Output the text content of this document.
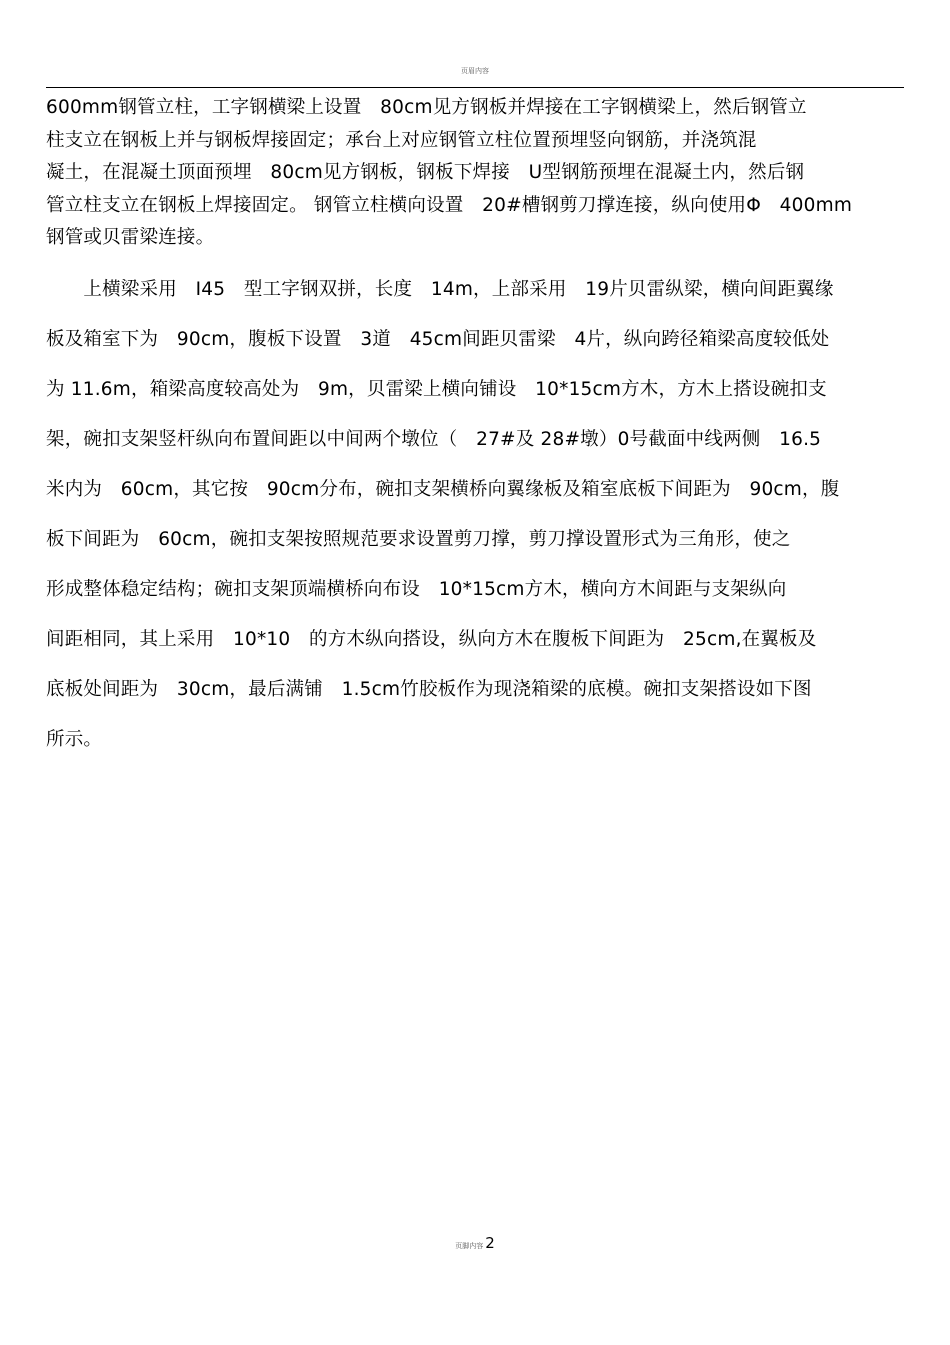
页眉内容
600mm钢管立柱，工字钢横梁上设置　80cm见方钢板并焊接在工字钢横梁上，然后钢管立
柱支立在钢板上并与钢板焊接固定；承台上对应钢管立柱位置预埋竖向钢筋，并浇筑混
凝土，在混凝土顶面预埋　80cm见方钢板，钢板下焊接　U型钢筋预埋在混凝土内，然后钢
管立柱支立在钢板上焊接固定。 钢管立柱横向设置　20#槽钢剪刀撑连接，纵向使用Φ　400mm
钢管或贝雷梁连接。
　　上横梁采用　I45　型工字钢双拼，长度　14m，上部采用　19片贝雷纵梁，横向间距翼缘
板及箱室下为　90cm，腹板下设置　3道　45cm间距贝雷梁　4片，纵向跨径箱梁高度较低处
为 11.6m，箱梁高度较高处为　9m，贝雷梁上横向铺设　10*15cm方木，方木上搭设碗扣支
架，碗扣支架竖杆纵向布置间距以中间两个墩位（　27#及 28#墩）0号截面中线两侧　16.5
米内为　60cm，其它按　90cm分布，碗扣支架横桥向翼缘板及箱室底板下间距为　90cm，腹
板下间距为　60cm，碗扣支架按照规范要求设置剪刀撑，剪刀撑设置形式为三角形，使之
形成整体稳定结构；碗扣支架顶端横桥向布设　10*15cm方木，横向方木间距与支架纵向
间距相同，其上采用　10*10　的方木纵向搭设，纵向方木在腹板下间距为　25cm,在翼板及
底板处间距为　30cm，最后满铺　1.5cm竹胶板作为现浇箱梁的底模。碗扣支架搭设如下图
所示。
页脚内容 2
